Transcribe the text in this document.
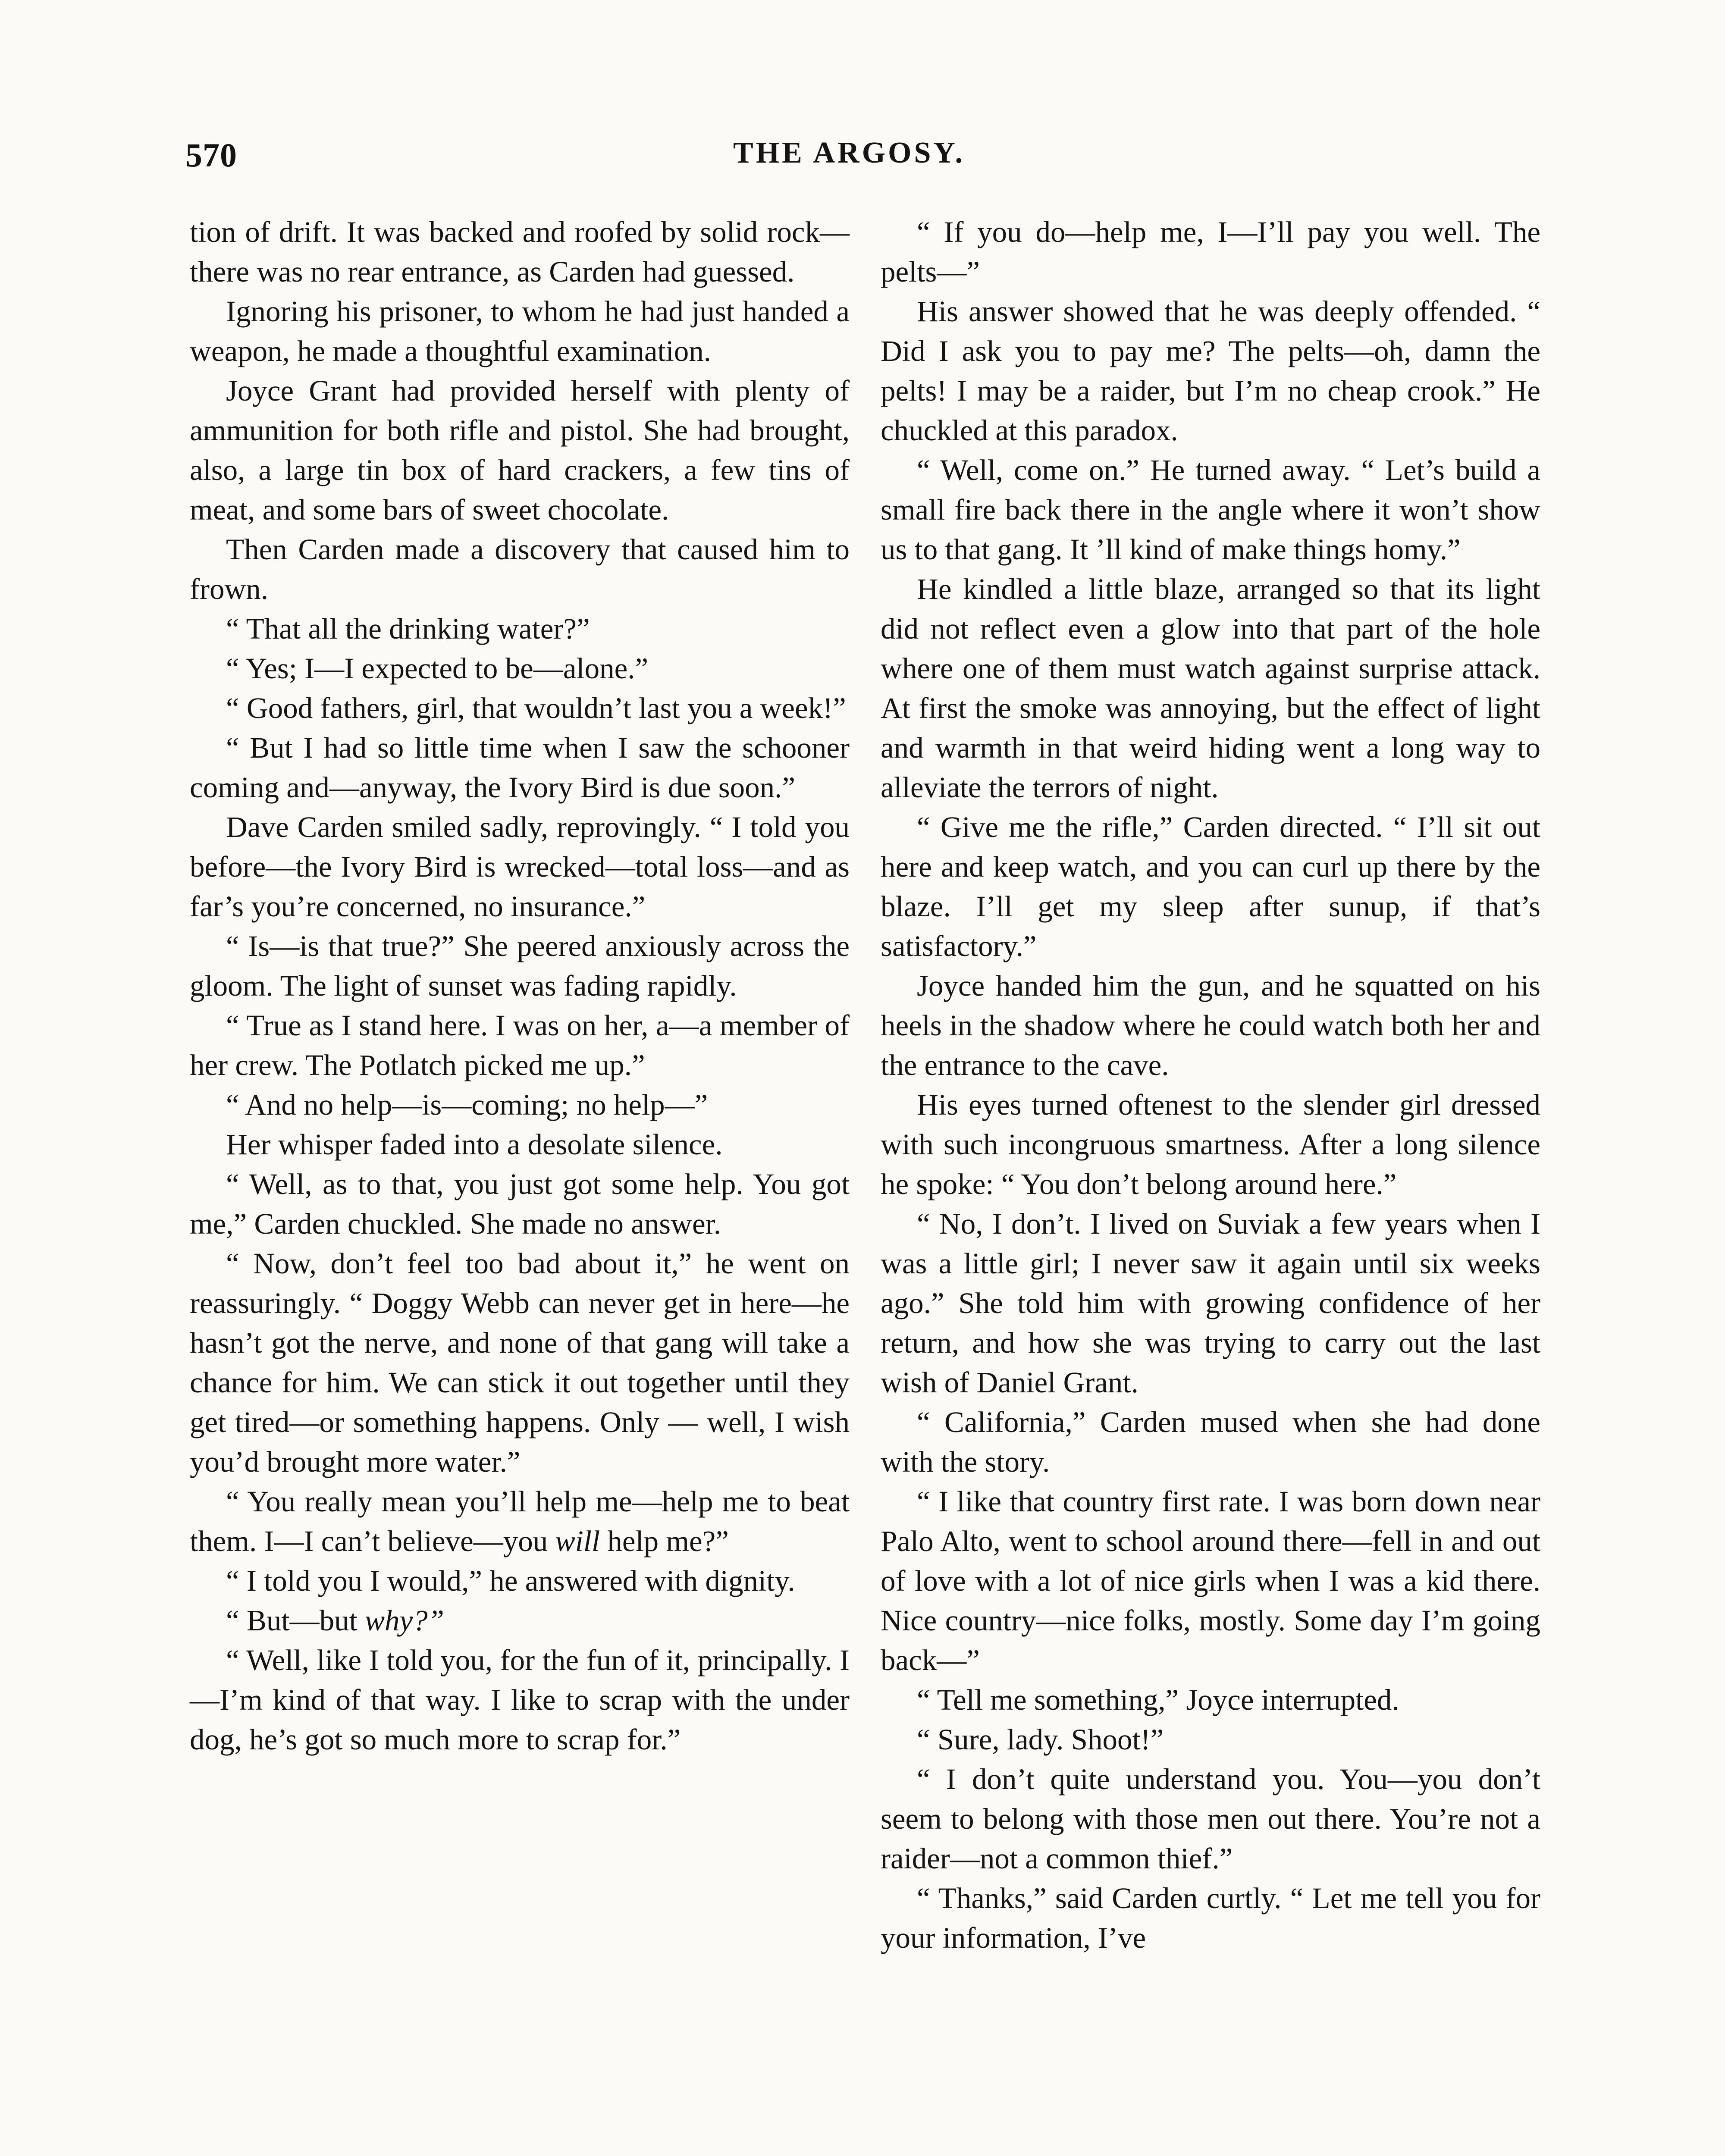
570	THE ARGOSY.

tion of drift. It was backed and roofed by solid rock—there was no rear entrance, as Carden had guessed.

Ignoring his prisoner, to whom he had just handed a weapon, he made a thoughtful examination.

Joyce Grant had provided herself with plenty of ammunition for both rifle and pistol. She had brought, also, a large tin box of hard crackers, a few tins of meat, and some bars of sweet chocolate.

Then Carden made a discovery that caused him to frown.

“ That all the drinking water?”

“ Yes; I—I expected to be—alone.”

“ Good fathers, girl, that wouldn’t last you a week!”

“ But I had so little time when I saw the schooner coming and—anyway, the Ivory Bird is due soon.”

Dave Carden smiled sadly, reprovingly. “ I told you before—the Ivory Bird is wrecked—total loss—and as far’s you’re concerned, no insurance.”

“ Is—is that true?” She peered anxiously across the gloom. The light of sunset was fading rapidly.

“ True as I stand here. I was on her, a—a member of her crew. The Potlatch picked me up.”

“ And no help—is—coming; no help—”

Her whisper faded into a desolate silence.

“ Well, as to that, you just got some help. You got me,” Carden chuckled. She made no answer.

“ Now, don’t feel too bad about it,” he went on reassuringly. “ Doggy Webb can never get in here—he hasn’t got the nerve, and none of that gang will take a chance for him. We can stick it out together until they get tired—or something happens. Only — well, I wish you’d brought more water.”

“ You really mean you’ll help me—help me to beat them. I—I can’t believe—you will help me?”

“ I told you I would,” he answered with dignity.

“ But—but why?”

“ Well, like I told you, for the fun of it, principally. I—I’m kind of that way. I like to scrap with the under dog, he’s got so much more to scrap for.”

“ If you do—help me, I—I’ll pay you well. The pelts—”

His answer showed that he was deeply offended. “ Did I ask you to pay me? The pelts—oh, damn the pelts! I may be a raider, but I’m no cheap crook.” He chuckled at this paradox.

“ Well, come on.” He turned away. “ Let’s build a small fire back there in the angle where it won’t show us to that gang. It ’ll kind of make things homy.”

He kindled a little blaze, arranged so that its light did not reflect even a glow into that part of the hole where one of them must watch against surprise attack. At first the smoke was annoying, but the effect of light and warmth in that weird hiding went a long way to alleviate the terrors of night.

“ Give me the rifle,” Carden directed. “ I’ll sit out here and keep watch, and you can curl up there by the blaze. I’ll get my sleep after sunup, if that’s satisfactory.”

Joyce handed him the gun, and he squatted on his heels in the shadow where he could watch both her and the entrance to the cave.

His eyes turned oftenest to the slender girl dressed with such incongruous smartness. After a long silence he spoke: “ You don’t belong around here.”

“ No, I don’t. I lived on Suviak a few years when I was a little girl; I never saw it again until six weeks ago.” She told him with growing confidence of her return, and how she was trying to carry out the last wish of Daniel Grant.

“ California,” Carden mused when she had done with the story.

“ I like that country first rate. I was born down near Palo Alto, went to school around there—fell in and out of love with a lot of nice girls when I was a kid there. Nice country—nice folks, mostly. Some day I’m going back—”

“ Tell me something,” Joyce interrupted.

“ Sure, lady. Shoot!”

“ I don’t quite understand you. You—you don’t seem to belong with those men out there. You’re not a raider—not a common thief.”

“ Thanks,” said Carden curtly. “ Let me tell you for your information, I’ve
